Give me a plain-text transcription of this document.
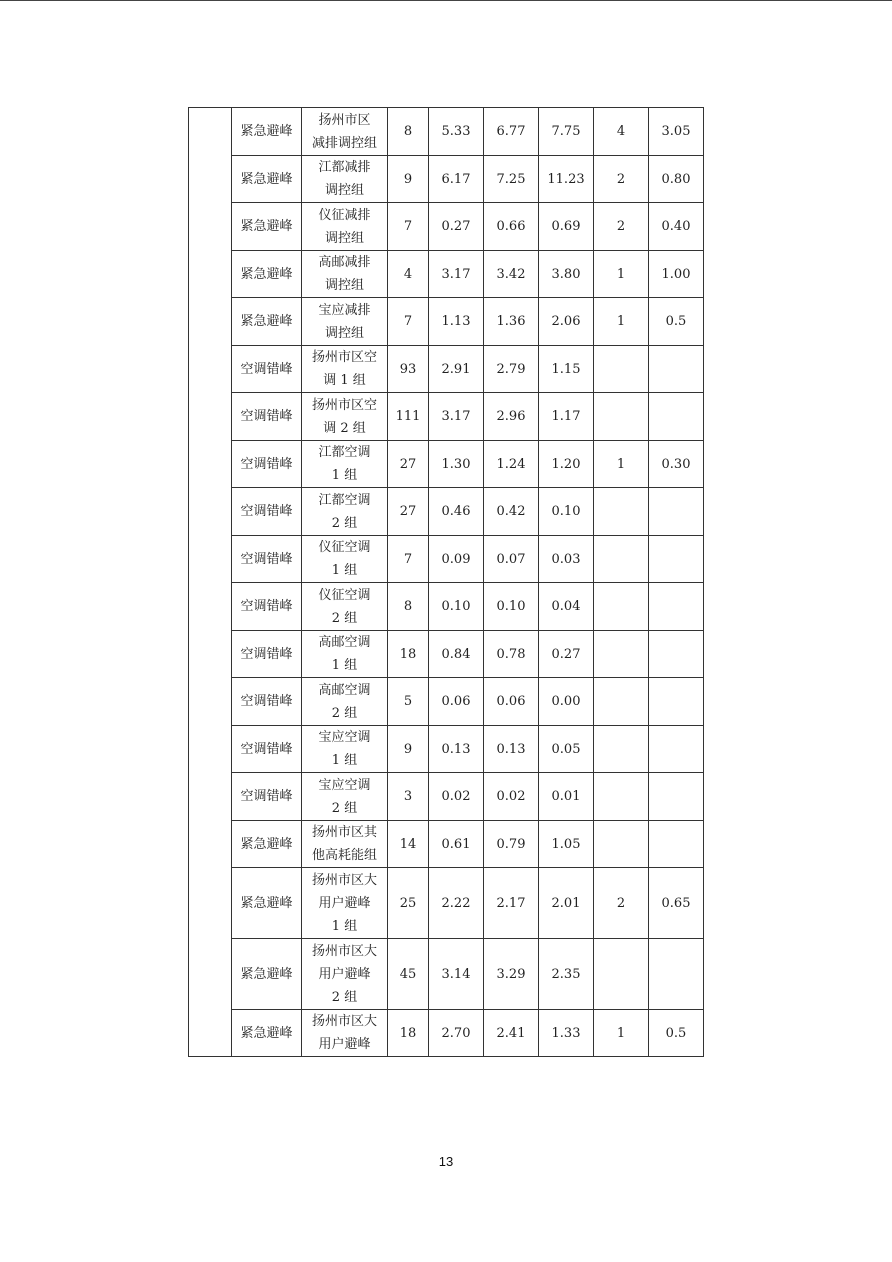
	紧急避峰	扬州市区
减排调控组	8	5.33	6.77	7.75	4	3.05
	紧急避峰	江都减排
调控组	9	6.17	7.25	11.23	2	0.80
	紧急避峰	仪征减排
调控组	7	0.27	0.66	0.69	2	0.40
	紧急避峰	高邮减排
调控组	4	3.17	3.42	3.80	1	1.00
	紧急避峰	宝应减排
调控组	7	1.13	1.36	2.06	1	0.5
	空调错峰	扬州市区空
调 1 组	93	2.91	2.79	1.15		
	空调错峰	扬州市区空
调 2 组	111	3.17	2.96	1.17		
	空调错峰	江都空调
1 组	27	1.30	1.24	1.20	1	0.30
	空调错峰	江都空调
2 组	27	0.46	0.42	0.10		
	空调错峰	仪征空调
1 组	7	0.09	0.07	0.03		
	空调错峰	仪征空调
2 组	8	0.10	0.10	0.04		
	空调错峰	高邮空调
1 组	18	0.84	0.78	0.27		
	空调错峰	高邮空调
2 组	5	0.06	0.06	0.00		
	空调错峰	宝应空调
1 组	9	0.13	0.13	0.05		
	空调错峰	宝应空调
2 组	3	0.02	0.02	0.01		
	紧急避峰	扬州市区其
他高耗能组	14	0.61	0.79	1.05		
	紧急避峰	扬州市区大
用户避峰
1 组	25	2.22	2.17	2.01	2	0.65
	紧急避峰	扬州市区大
用户避峰
2 组	45	3.14	3.29	2.35		
	紧急避峰	扬州市区大
用户避峰	18	2.70	2.41	1.33	1	0.5
13
